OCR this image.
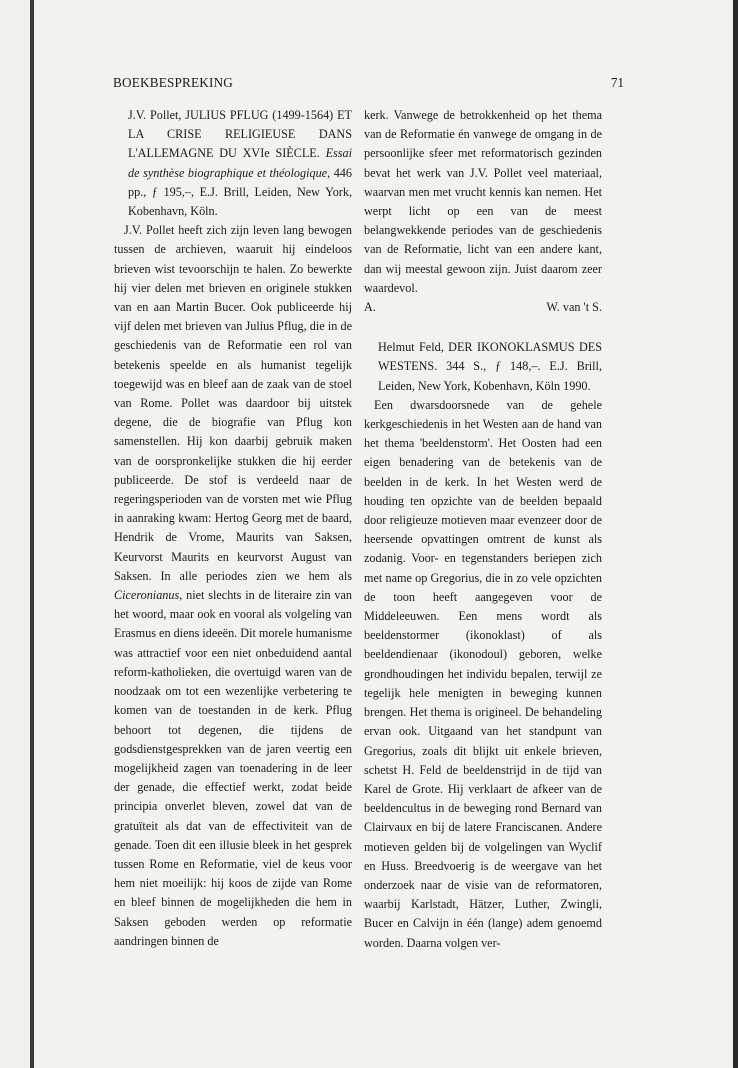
BOEKBESPREKING	71

J.V. Pollet, JULIUS PFLUG (1499-1564) ET LA CRISE RELIGIEUSE DANS L'ALLEMAGNE DU XVIe SIÈCLE. Essai de synthèse biographique et théologique, 446 pp., ƒ 195,–, E.J. Brill, Leiden, New York, Kobenhavn, Köln.

J.V. Pollet heeft zich zijn leven lang bewogen tussen de archieven, waaruit hij eindeloos brieven wist tevoorschijn te halen. Zo bewerkte hij vier delen met brieven en originele stukken van en aan Martin Bucer. Ook publiceerde hij vijf delen met brieven van Julius Pflug, die in de geschiedenis van de Reformatie een rol van betekenis speelde en als humanist tegelijk toegewijd was en bleef aan de zaak van de stoel van Rome. Pollet was daardoor bij uitstek degene, die de biografie van Pflug kon samenstellen. Hij kon daarbij gebruik maken van de oorspronkelijke stukken die hij eerder publiceerde. De stof is verdeeld naar de regeringsperioden van de vorsten met wie Pflug in aanraking kwam: Hertog Georg met de baard, Hendrik de Vrome, Maurits van Saksen, Keurvorst Maurits en keurvorst August van Saksen. In alle periodes zien we hem als Ciceronianus, niet slechts in de literaire zin van het woord, maar ook en vooral als volgeling van Erasmus en diens ideeën. Dit morele humanisme was attractief voor een niet onbeduidend aantal reform-katholieken, die overtuigd waren van de noodzaak om tot een wezenlijke verbetering te komen van de toestanden in de kerk. Pflug behoort tot degenen, die tijdens de godsdienstgesprekken van de jaren veertig een mogelijkheid zagen van toenadering in de leer der genade, die effectief werkt, zodat beide principia onverlet bleven, zowel dat van de gratuïteit als dat van de effectiviteit van de genade. Toen dit een illusie bleek in het gesprek tussen Rome en Reformatie, viel de keus voor hem niet moeilijk: hij koos de zijde van Rome en bleef binnen de mogelijkheden die hem in Saksen geboden werden op reformatie aandringen binnen de

kerk. Vanwege de betrokkenheid op het thema van de Reformatie én vanwege de omgang in de persoonlijke sfeer met reformatorisch gezinden bevat het werk van J.V. Pollet veel materiaal, waarvan men met vrucht kennis kan nemen. Het werpt licht op een van de meest belangwekkende periodes van de geschiedenis van de Reformatie, licht van een andere kant, dan wij meestal gewoon zijn. Juist daarom zeer waardevol.

A.	W. van 't S.

Helmut Feld, DER IKONOKLASMUS DES WESTENS. 344 S., ƒ 148,–. E.J. Brill, Leiden, New York, Kobenhavn, Köln 1990.

Een dwarsdoorsnede van de gehele kerkgeschiedenis in het Westen aan de hand van het thema 'beeldenstorm'. Het Oosten had een eigen benadering van de betekenis van de beelden in de kerk. In het Westen werd de houding ten opzichte van de beelden bepaald door religieuze motieven maar evenzeer door de heersende opvattingen omtrent de kunst als zodanig. Voor- en tegenstanders beriepen zich met name op Gregorius, die in zo vele opzichten de toon heeft aangegeven voor de Middeleeuwen. Een mens wordt als beeldenstormer (ikonoklast) of als beeldendienaar (ikonodoul) geboren, welke grondhoudingen het individu bepalen, terwijl ze tegelijk hele menigten in beweging kunnen brengen. Het thema is origineel. De behandeling ervan ook. Uitgaand van het standpunt van Gregorius, zoals dit blijkt uit enkele brieven, schetst H. Feld de beeldenstrijd in de tijd van Karel de Grote. Hij verklaart de afkeer van de beeldencultus in de beweging rond Bernard van Clairvaux en bij de latere Franciscanen. Andere motieven gelden bij de volgelingen van Wyclif en Huss. Breedvoerig is de weergave van het onderzoek naar de visie van de reformatoren, waarbij Karlstadt, Hätzer, Luther, Zwingli, Bucer en Calvijn in één (lange) adem genoemd worden. Daarna volgen ver-
